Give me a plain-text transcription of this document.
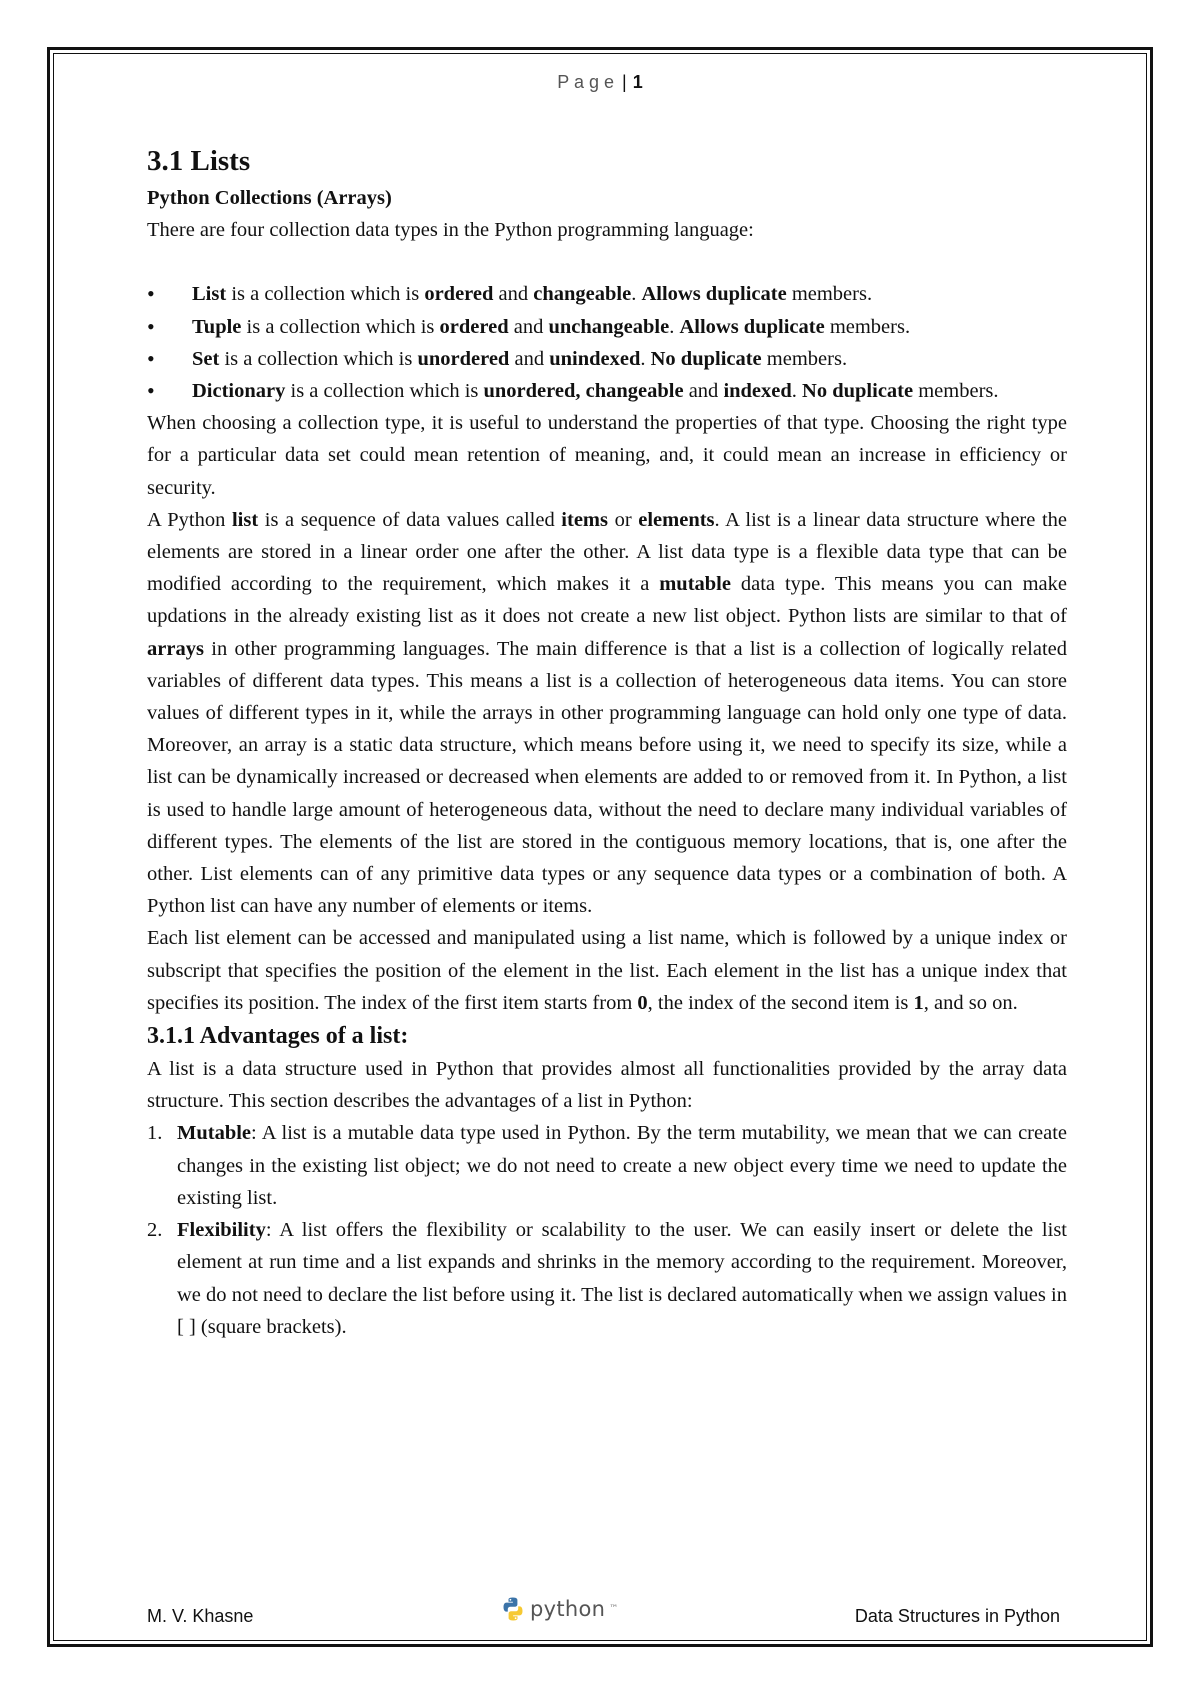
P a g e | 1
3.1 Lists

Python Collections (Arrays)

There are four collection data types in the Python programming language:

• List is a collection which is ordered and changeable. Allows duplicate members.
• Tuple is a collection which is ordered and unchangeable. Allows duplicate members.
• Set is a collection which is unordered and unindexed. No duplicate members.
• Dictionary is a collection which is unordered, changeable and indexed. No duplicate members.

When choosing a collection type, it is useful to understand the properties of that type. Choosing the right type for a particular data set could mean retention of meaning, and, it could mean an increase in efficiency or security.

A Python list is a sequence of data values called items or elements. A list is a linear data structure where the elements are stored in a linear order one after the other. A list data type is a flexible data type that can be modified according to the requirement, which makes it a mutable data type. This means you can make updations in the already existing list as it does not create a new list object. Python lists are similar to that of arrays in other programming languages. The main difference is that a list is a collection of logically related variables of different data types. This means a list is a collection of heterogeneous data items. You can store values of different types in it, while the arrays in other programming language can hold only one type of data. Moreover, an array is a static data structure, which means before using it, we need to specify its size, while a list can be dynamically increased or decreased when elements are added to or removed from it. In Python, a list is used to handle large amount of heterogeneous data, without the need to declare many individual variables of different types. The elements of the list are stored in the contiguous memory locations, that is, one after the other. List elements can of any primitive data types or any sequence data types or a combination of both. A Python list can have any number of elements or items.

Each list element can be accessed and manipulated using a list name, which is followed by a unique index or subscript that specifies the position of the element in the list. Each element in the list has a unique index that specifies its position. The index of the first item starts from 0, the index of the second item is 1, and so on.

3.1.1 Advantages of a list:

A list is a data structure used in Python that provides almost all functionalities provided by the array data structure. This section describes the advantages of a list in Python:

1. Mutable: A list is a mutable data type used in Python. By the term mutability, we mean that we can create changes in the existing list object; we do not need to create a new object every time we need to update the existing list.
2. Flexibility: A list offers the flexibility or scalability to the user. We can easily insert or delete the list element at run time and a list expands and shrinks in the memory according to the requirement. Moreover, we do not need to declare the list before using it. The list is declared automatically when we assign values in [ ] (square brackets).
M. V. Khasne	python ™	Data Structures in Python
